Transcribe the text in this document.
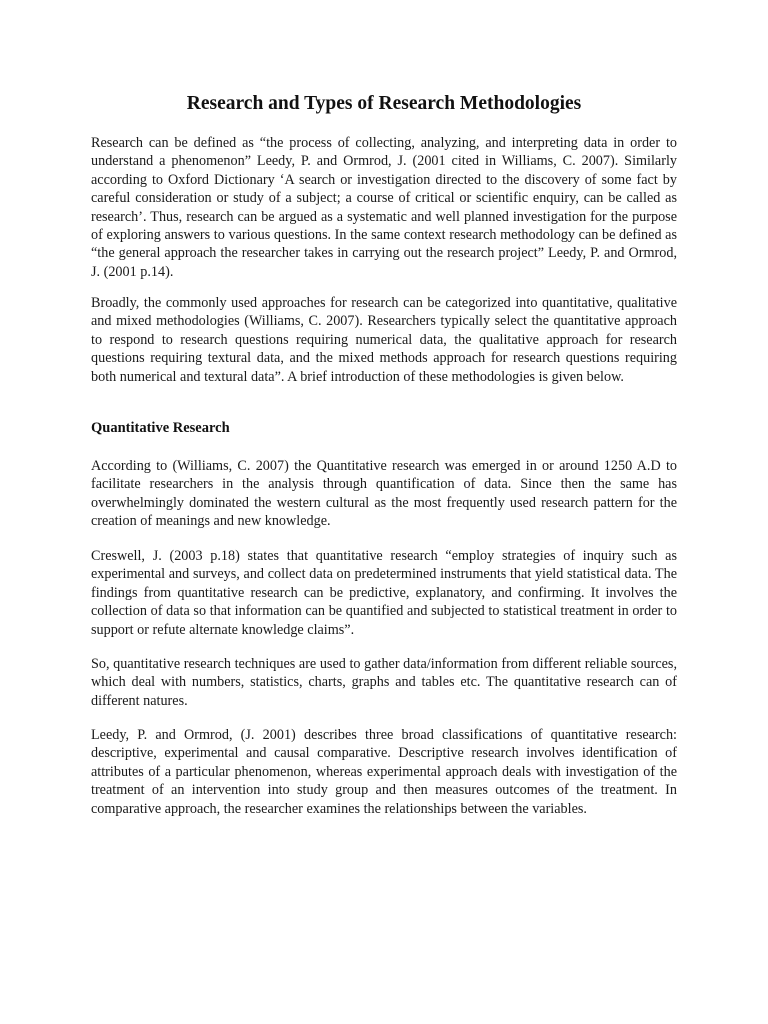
Research and Types of Research Methodologies

Research can be defined as “the process of collecting, analyzing, and interpreting data in order to understand a phenomenon” Leedy, P. and Ormrod, J. (2001 cited in Williams, C. 2007). Similarly according to Oxford Dictionary ‘A search or investigation directed to the discovery of some fact by careful consideration or study of a subject; a course of critical or scientific enquiry, can be called as research’. Thus, research can be argued as a systematic and well planned investigation for the purpose of exploring answers to various questions. In the same context research methodology can be defined as “the general approach the researcher takes in carrying out the research project” Leedy, P. and Ormrod, J. (2001 p.14).

Broadly, the commonly used approaches for research can be categorized into quantitative, qualitative and mixed methodologies (Williams, C. 2007). Researchers typically select the quantitative approach to respond to research questions requiring numerical data, the qualitative approach for research questions requiring textural data, and the mixed methods approach for research questions requiring both numerical and textural data”. A brief introduction of these methodologies is given below.

Quantitative Research

According to (Williams, C. 2007) the Quantitative research was emerged in or around 1250 A.D to facilitate researchers in the analysis through quantification of data. Since then the same has overwhelmingly dominated the western cultural as the most frequently used research pattern for the creation of meanings and new knowledge.

Creswell, J. (2003 p.18) states that quantitative research “employ strategies of inquiry such as experimental and surveys, and collect data on predetermined instruments that yield statistical data. The findings from quantitative research can be predictive, explanatory, and confirming. It involves the collection of data so that information can be quantified and subjected to statistical treatment in order to support or refute alternate knowledge claims”.

So, quantitative research techniques are used to gather data/information from different reliable sources, which deal with numbers, statistics, charts, graphs and tables etc. The quantitative research can of different natures.

Leedy, P. and Ormrod, (J. 2001) describes three broad classifications of quantitative research: descriptive, experimental and causal comparative. Descriptive research involves identification of attributes of a particular phenomenon, whereas experimental approach deals with investigation of the treatment of an intervention into study group and then measures outcomes of the treatment. In comparative approach, the researcher examines the relationships between the variables.
